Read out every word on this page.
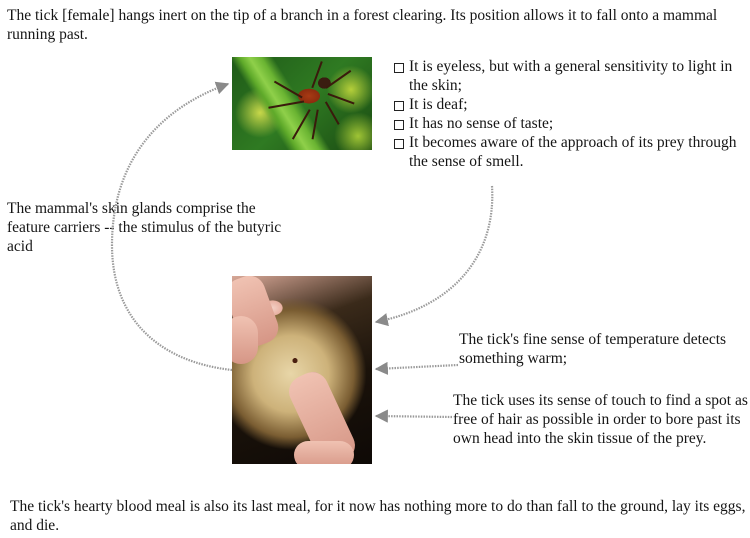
The tick [female] hangs inert on the tip of a branch in a forest clearing. Its position allows it to fall onto a mammal running past.

It is eyeless, but with a general sensitivity to light in the skin;
It is deaf;
It has no sense of taste;
It becomes aware of the approach of its prey through the sense of smell.

The mammal's skin glands comprise the feature carriers -- the stimulus of the butyric acid

The tick's fine sense of temperature detects something warm;

The tick uses its sense of touch to find a spot as free of hair as possible in order to bore past its own head into the skin tissue of the prey.

The tick's hearty blood meal is also its last meal, for it now has nothing more to do than fall to the ground, lay its eggs, and die.
